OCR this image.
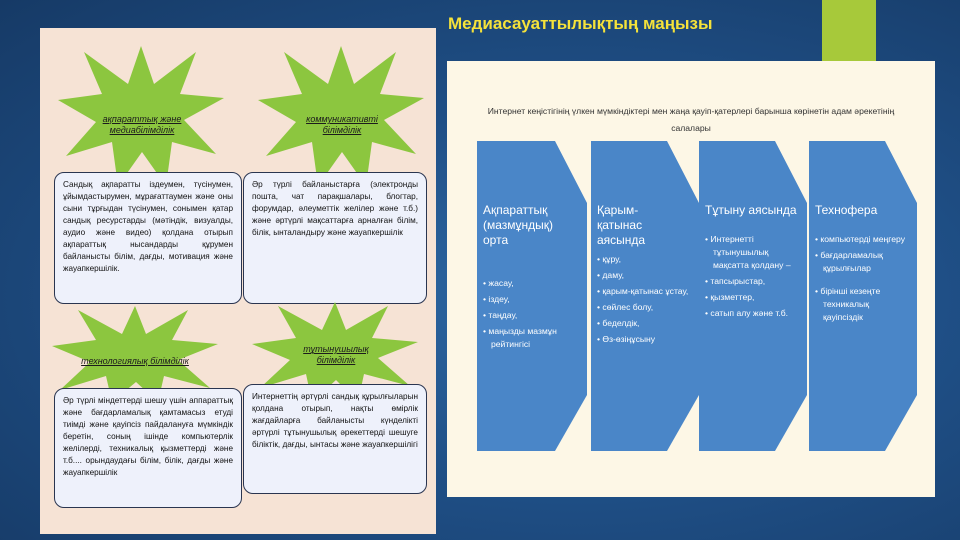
Медиасауаттылықтың маңызы
ақпараттық және медиабілімділік
коммуникативті білімділік
Сандық ақпаратты іздеумен, түсінумен, ұйымдастырумен, мұрағаттаумен және оны сыни тұрғыдан түсінумен, сонымен қатар сандық ресурстарды (мәтіндік, визуалды, аудио және видео) қолдана отырып ақпараттық нысандарды құрумен байланысты білім, дағды, мотивация және жауапкершілік.
Әр түрлі байланыстарға (электронды пошта, чат парақшалары, блогтар, форумдар, әлеуметтік желілер және т.б.) және әртүрлі мақсаттарға арналған білім, білік, ынталандыру және жауапкершілік
технологиялық білімділік
тұтынушылық білімділік
Әр түрлі міндеттерді шешу үшін аппараттық және бағдарламалық қамтамасыз етуді тиімді және қауіпсіз пайдалануға мүмкіндік беретін, соның ішінде компьютерлік желілерді, техникалық қызметтерді және т.б.... орындаудағы білім, білік, дағды және жауапкершілік
Интернеттің әртүрлі сандық құрылғыларын қолдана отырып, нақты өмірлік жағдайларға байланысты күнделікті әртүрлі тұтынушылық әрекеттерді шешуге біліктік, дағды, ынтасы және жауапкершілігі
Интернет кеңістігінің үлкен мүмкіндіктері мен жаңа қауіп-қатерлері барынша көрінетін адам әрекетінің салалары
Ақпараттық (мазмұндық) орта
• жасау,
• іздеу,
• таңдау,
• маңызды мазмұн рейтингісі
Қарым-қатынас аясында
• құру,
• даму,
• қарым-қатынас ұстау,
• сөйлес болу,
• беделдік,
• Өз-өзіңұсыну
Тұтыну аясында
• Интернетті тұтынушылық мақсатта қолдану –
• тапсырыстар,
• қызметтер,
• сатып алу және т.б.
Технофера
• компьютерді меңгеру
• бағдарламалық құрылғылар
• бірінші кезеңте техникалық қауіпсіздік
